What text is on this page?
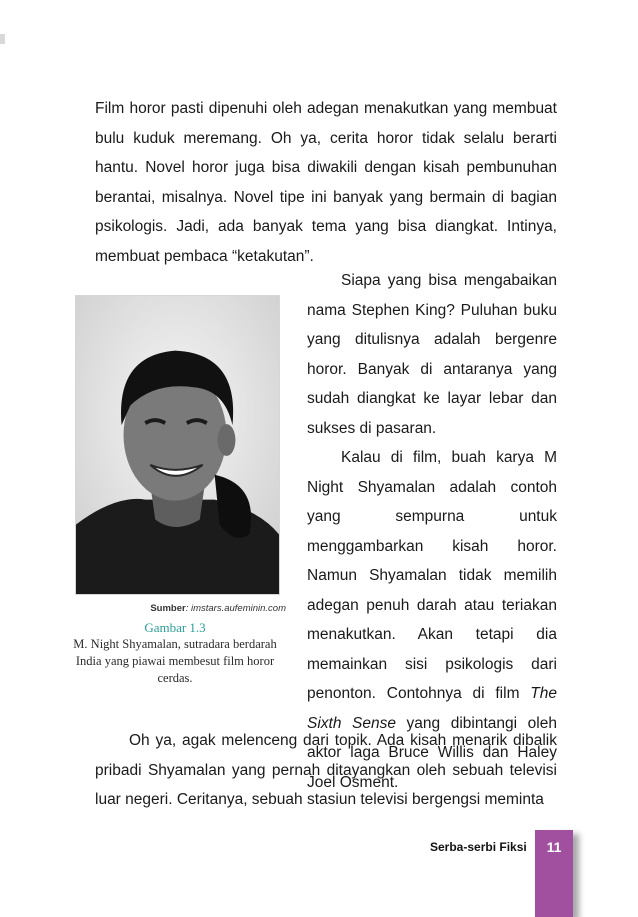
Film horor pasti dipenuhi oleh adegan menakutkan yang membuat bulu kuduk meremang. Oh ya, cerita horor tidak selalu berarti hantu. Novel horor juga bisa diwakili dengan kisah pembunuhan berantai, misalnya. Novel tipe ini banyak yang bermain di bagian psikologis. Jadi, ada banyak tema yang bisa diangkat. Intinya, membuat pembaca “ketakutan”.

Sumber: imstars.aufeminin.com
Gambar 1.3
M. Night Shyamalan, sutradara berdarah India yang piawai membesut film horor cerdas.

Siapa yang bisa mengabaikan nama Stephen King? Puluhan buku yang ditulisnya adalah bergenre horor. Banyak di antaranya yang sudah diangkat ke layar lebar dan sukses di pasaran.

Kalau di film, buah karya M Night Shyamalan adalah contoh yang sempurna untuk menggambarkan kisah horor. Namun Shyamalan tidak memilih adegan penuh darah atau teriakan menakutkan. Akan tetapi dia memainkan sisi psikologis dari penonton. Contohnya di film The Sixth Sense yang dibintangi oleh aktor laga Bruce Willis dan Haley Joel Osment.

Oh ya, agak melenceng dari topik. Ada kisah menarik dibalik pribadi Shyamalan yang pernah ditayangkan oleh sebuah televisi luar negeri. Ceritanya, sebuah stasiun televisi bergengsi meminta

Serba-serbi Fiksi	11
